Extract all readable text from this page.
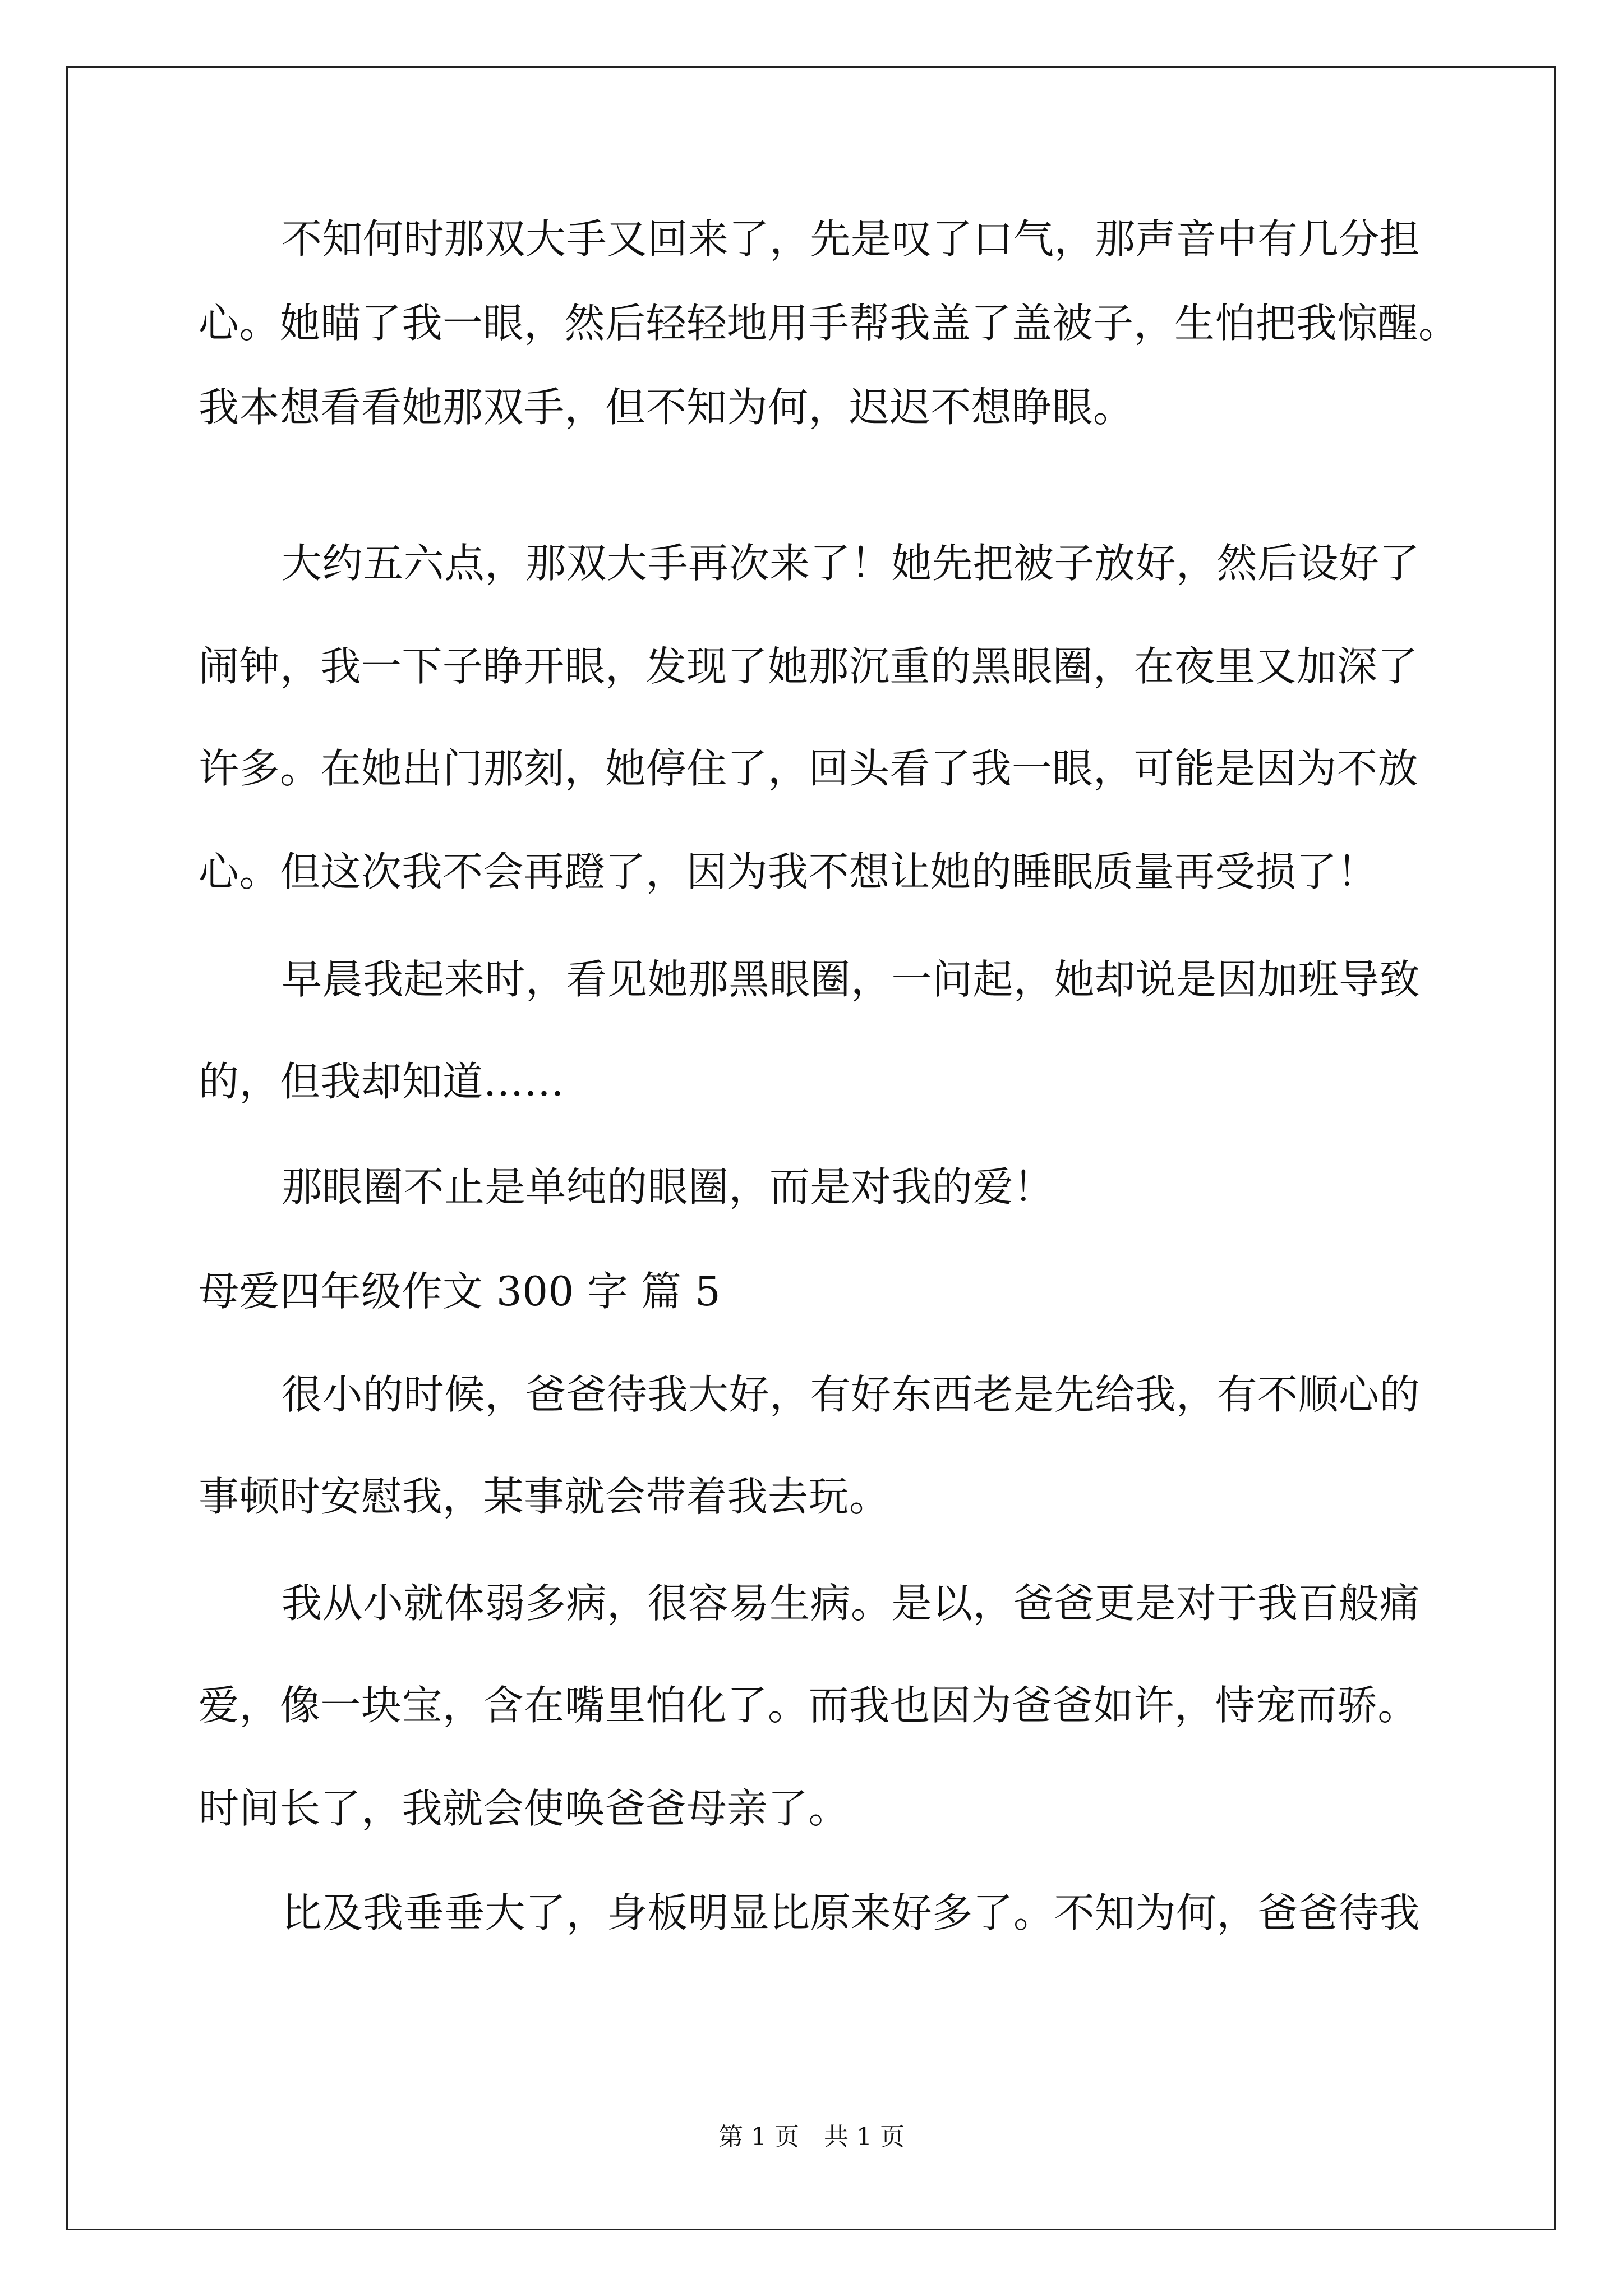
不知何时那双大手又回来了，先是叹了口气，那声音中有几分担
心。她瞄了我一眼，然后轻轻地用手帮我盖了盖被子，生怕把我惊醒。
我本想看看她那双手，但不知为何，迟迟不想睁眼。
大约五六点，那双大手再次来了！她先把被子放好，然后设好了
闹钟，我一下子睁开眼，发现了她那沉重的黑眼圈，在夜里又加深了
许多。在她出门那刻，她停住了，回头看了我一眼，可能是因为不放
心。但这次我不会再蹬了，因为我不想让她的睡眠质量再受损了！
早晨我起来时，看见她那黑眼圈，一问起，她却说是因加班导致
的，但我却知道……
那眼圈不止是单纯的眼圈，而是对我的爱！
母爱四年级作文 300 字 篇 5
很小的时候，爸爸待我大好，有好东西老是先给我，有不顺心的
事顿时安慰我，某事就会带着我去玩。
我从小就体弱多病，很容易生病。是以，爸爸更是对于我百般痛
爱，像一块宝，含在嘴里怕化了。而我也因为爸爸如许，恃宠而骄。
时间长了，我就会使唤爸爸母亲了。
比及我垂垂大了，身板明显比原来好多了。不知为何，爸爸待我
第 1 页 共 1 页
